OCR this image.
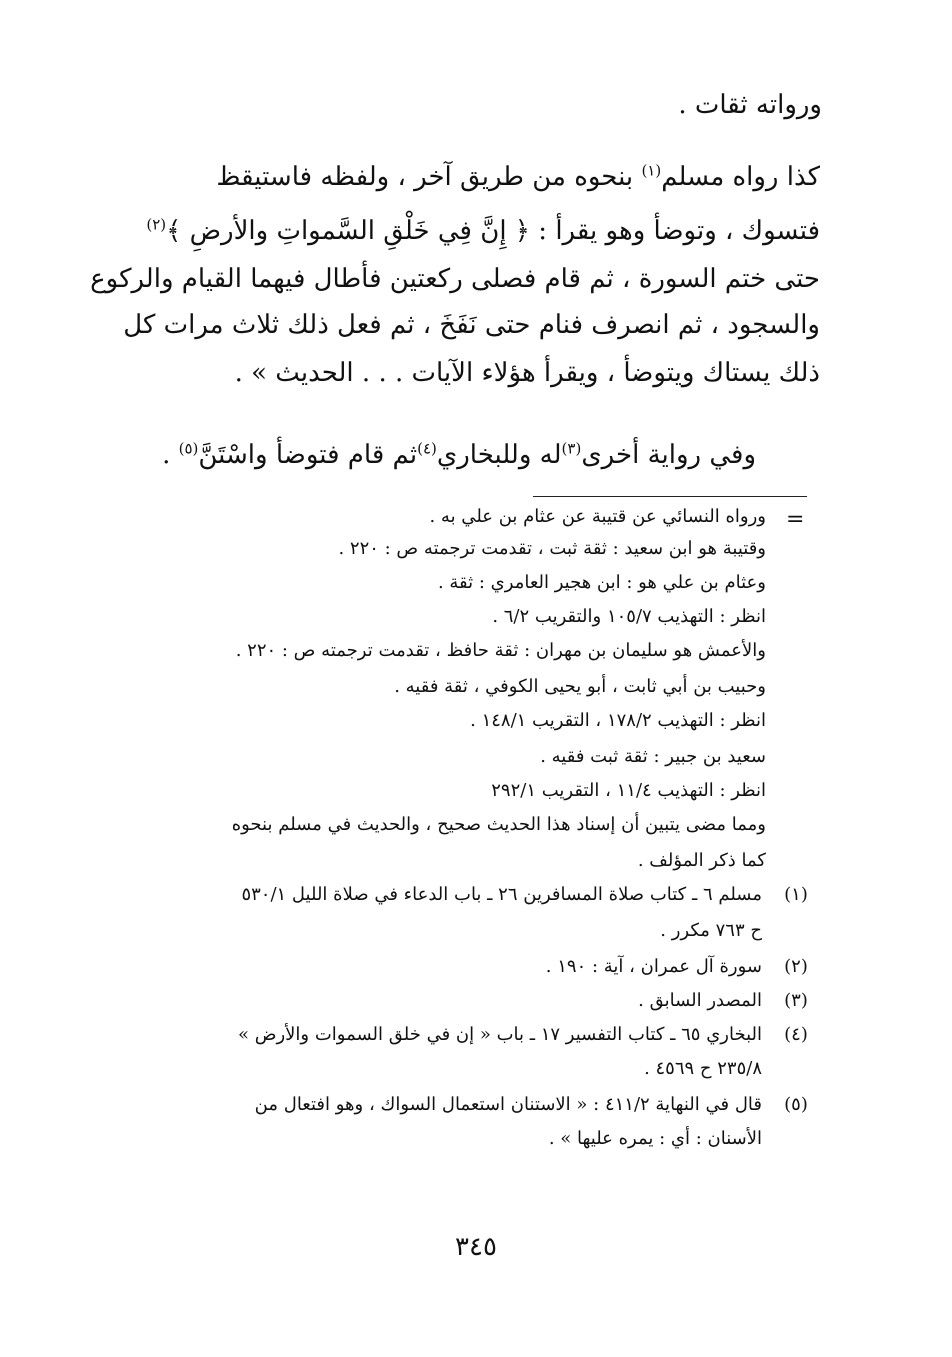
ورواته ثقات .
كذا رواه مسلم$^{(١)}$ بنحوه من طريق آخر ، ولفظه فاستيقظ
فتسوك ، وتوضأ وهو يقرأ : ﴿ إِنَّ فِي خَلْقِ السَّمواتِ والأرضِ ﴾$^{(٢)}$
حتى ختم السورة ، ثم قام فصلى ركعتين فأطال فيهما القيام والركوع
والسجود ، ثم انصرف فنام حتى نَفَخَ ، ثم فعل ذلك ثلاث مرات كل
ذلك يستاك ويتوضأ ، ويقرأ هؤلاء الآيات . . . الحديث » .
وفي رواية أخرى$^{(٣)}$له وللبخاري$^{(٤)}$ثم قام فتوضأ واسْتَنَّ$^{(٥)}$ .
=
ورواه النسائي عن قتيبة عن عثام بن علي به .
وقتيبة هو ابن سعيد : ثقة ثبت ، تقدمت ترجمته ص : ٢٢٠ .
وعثام بن علي هو : ابن هجير العامري : ثقة .
انظر : التهذيب ١٠٥/٧ والتقريب ٦/٢ .
والأعمش هو سليمان بن مهران : ثقة حافظ ، تقدمت ترجمته ص : ٢٢٠ .
وحبيب بن أبي ثابت ، أبو يحيى الكوفي ، ثقة فقيه .
انظر : التهذيب ١٧٨/٢ ، التقريب ١٤٨/١ .
سعيد بن جبير : ثقة ثبت فقيه .
انظر : التهذيب ١١/٤ ، التقريب ٢٩٢/١
ومما مضى يتبين أن إسناد هذا الحديث صحيح ، والحديث في مسلم بنحوه
كما ذكر المؤلف .
(١)
مسلم ٦ ـ كتاب صلاة المسافرين ٢٦ ـ باب الدعاء في صلاة الليل ٥٣٠/١
ح ٧٦٣ مكرر .
(٢)
سورة آل عمران ، آية : ١٩٠ .
(٣)
المصدر السابق .
(٤)
البخاري ٦٥ ـ كتاب التفسير ١٧ ـ باب « إن في خلق السموات والأرض »
٢٣٥/٨ ح ٤٥٦٩ .
(٥)
قال في النهاية ٤١١/٢ : « الاستنان استعمال السواك ، وهو افتعال من
الأسنان : أي : يمره عليها » .
٣٤٥
